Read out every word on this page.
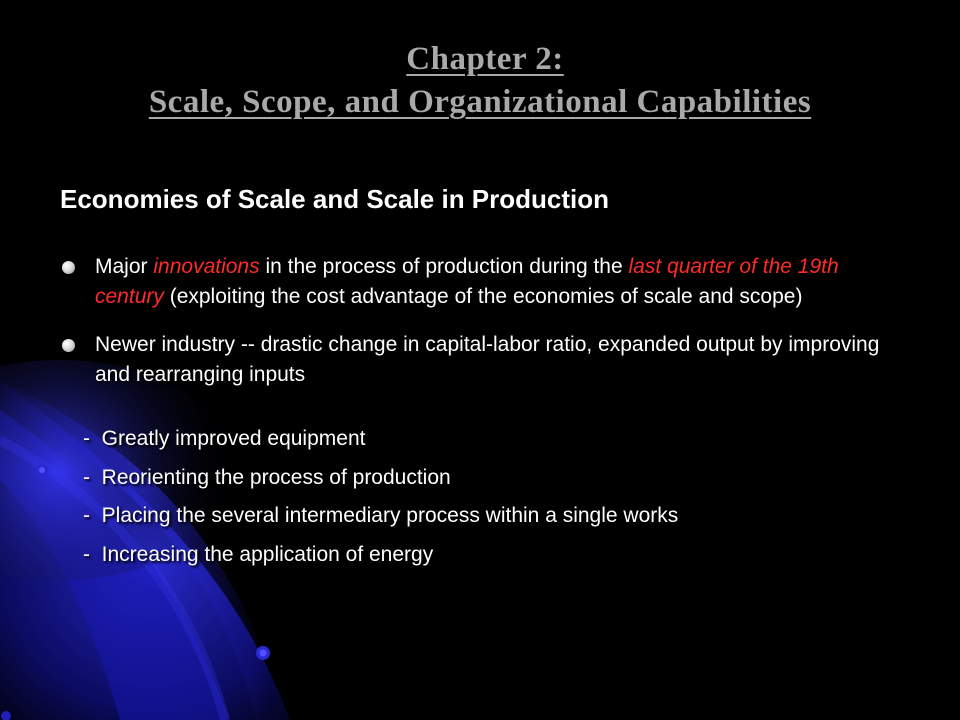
Chapter 2:
Scale, Scope, and Organizational Capabilities
Economies of Scale and Scale in Production
Major innovations in the process of production during the last quarter of the 19th century (exploiting the cost advantage of the economies of scale and scope)
Newer industry -- drastic change in capital-labor ratio, expanded output by improving and rearranging inputs
-  Greatly improved equipment
-  Reorienting the process of production
-  Placing the several intermediary process within a single works
-  Increasing the application of energy
